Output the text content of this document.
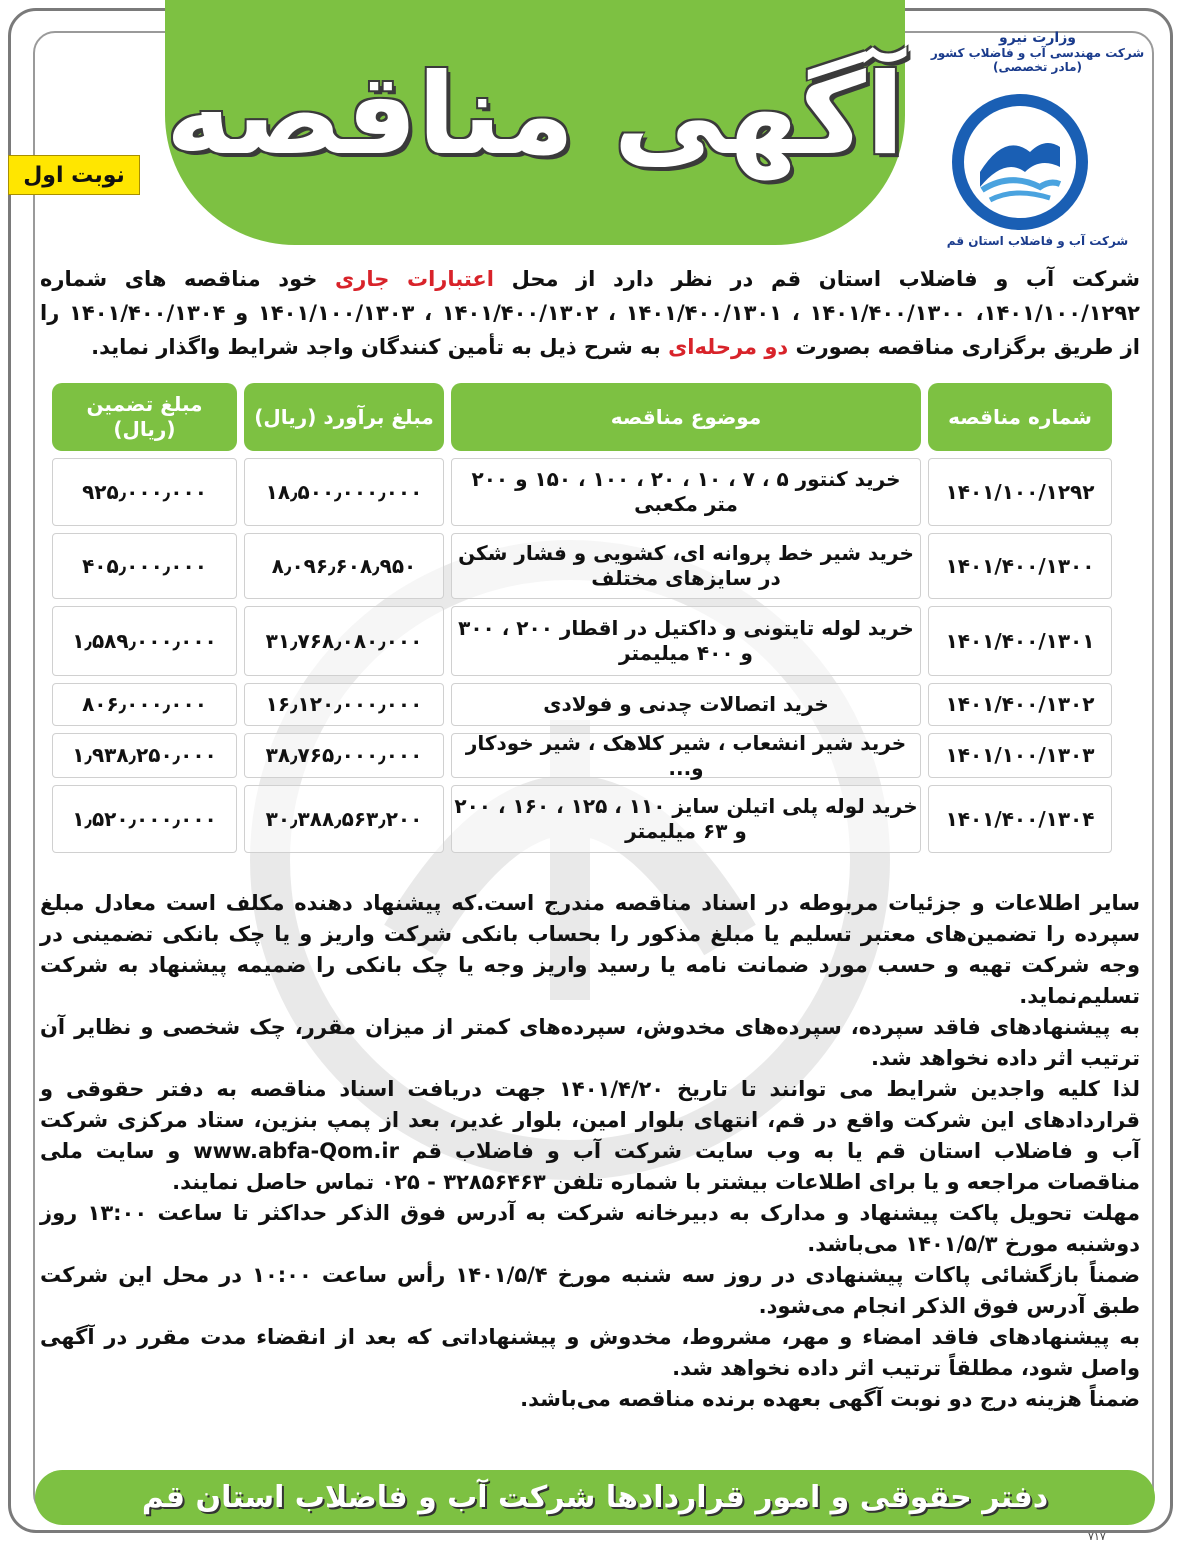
آگهی مناقصه
نوبت اول
وزارت نیرو
شرکت مهندسی آب و فاضلاب کشور
(مادر تخصصی)
شرکت آب و فاضلاب استان قم
شرکت آب و فاضلاب استان قم در نظر دارد از محل اعتبارات جاری خود مناقصه های شماره ۱۴۰۱/۱۰۰/۱۲۹۲، ۱۴۰۱/۴۰۰/۱۳۰۰ ، ۱۴۰۱/۴۰۰/۱۳۰۱ ، ۱۴۰۱/۴۰۰/۱۳۰۲ ، ۱۴۰۱/۱۰۰/۱۳۰۳ و ۱۴۰۱/۴۰۰/۱۳۰۴ را از طریق برگزاری مناقصه بصورت دو مرحله‌ای به شرح ذیل به تأمین کنندگان واجد شرایط واگذار نماید.
شماره مناقصه
موضوع مناقصه
مبلغ برآورد (ریال)
مبلغ تضمین (ریال)
۱۴۰۱/۱۰۰/۱۲۹۲
خرید کنتور ۵ ، ۷ ، ۱۰ ، ۲۰ ، ۱۰۰ ، ۱۵۰ و ۲۰۰ متر مکعبی
۱۸٫۵۰۰٫۰۰۰٫۰۰۰
۹۲۵٫۰۰۰٫۰۰۰
۱۴۰۱/۴۰۰/۱۳۰۰
خرید شیر خط پروانه ای، کشویی و فشار شکن در سایزهای مختلف
۸٫۰۹۶٫۶۰۸٫۹۵۰
۴۰۵٫۰۰۰٫۰۰۰
۱۴۰۱/۴۰۰/۱۳۰۱
خرید لوله تایتونی و داکتیل در اقطار ۲۰۰ ، ۳۰۰ و ۴۰۰ میلیمتر
۳۱٫۷۶۸٫۰۸۰٫۰۰۰
۱٫۵۸۹٫۰۰۰٫۰۰۰
۱۴۰۱/۴۰۰/۱۳۰۲
خرید اتصالات چدنی و فولادی
۱۶٫۱۲۰٫۰۰۰٫۰۰۰
۸۰۶٫۰۰۰٫۰۰۰
۱۴۰۱/۱۰۰/۱۳۰۳
خرید شیر انشعاب ، شیر کلاهک ، شیر خودکار و...
۳۸٫۷۶۵٫۰۰۰٫۰۰۰
۱٫۹۳۸٫۲۵۰٫۰۰۰
۱۴۰۱/۴۰۰/۱۳۰۴
خرید لوله پلی اتیلن سایز ۱۱۰ ، ۱۲۵ ، ۱۶۰ ، ۲۰۰ و ۶۳ میلیمتر
۳۰٫۳۸۸٫۵۶۳٫۲۰۰
۱٫۵۲۰٫۰۰۰٫۰۰۰

سایر اطلاعات و جزئیات مربوطه در اسناد مناقصه مندرج است.که پیشنهاد دهنده مکلف است معادل مبلغ سپرده را تضمین‌های معتبر تسلیم یا مبلغ مذکور را بحساب بانکی شرکت واریز و یا چک بانکی تضمینی در وجه شرکت تهیه و حسب مورد ضمانت نامه یا رسید واریز وجه یا چک بانکی را ضمیمه پیشنهاد به شرکت تسلیم‌نماید.

به پیشنهادهای فاقد سپرده، سپرده‌های مخدوش، سپرده‌های کمتر از میزان مقرر، چک شخصی و نظایر آن ترتیب اثر داده نخواهد شد.

لذا کلیه واجدین شرایط می توانند تا تاریخ ۱۴۰۱/۴/۲۰ جهت دریافت اسناد مناقصه به دفتر حقوقی و قراردادهای این شرکت واقع در قم، انتهای بلوار امین، بلوار غدیر، بعد از پمپ بنزین، ستاد مرکزی شرکت آب و فاضلاب استان قم یا به وب سایت شرکت آب و فاضلاب قم www.abfa-Qom.ir و سایت ملی مناقصات مراجعه و یا برای اطلاعات بیشتر با شماره تلفن ۳۲۸۵۶۴۶۳ - ۰۲۵ تماس حاصل نمایند.

مهلت تحویل پاکت پیشنهاد و مدارک به دبیرخانه شرکت به آدرس فوق الذکر حداکثر تا ساعت ۱۳:۰۰ روز دوشنبه مورخ ۱۴۰۱/۵/۳ می‌باشد.

ضمناً بازگشائی پاکات پیشنهادی در روز سه شنبه مورخ ۱۴۰۱/۵/۴ رأس ساعت ۱۰:۰۰ در محل این شرکت طبق آدرس فوق الذکر انجام می‌شود.

به پیشنهادهای فاقد امضاء و مهر، مشروط، مخدوش و پیشنهاداتی که بعد از انقضاء مدت مقرر در آگهی واصل شود، مطلقاً ترتیب اثر داده نخواهد شد.

ضمناً هزینه درج دو نوبت آگهی بعهده برنده مناقصه می‌باشد.

دفتر حقوقی و امور قراردادها شرکت آب و فاضلاب استان قم
۷۱۷
